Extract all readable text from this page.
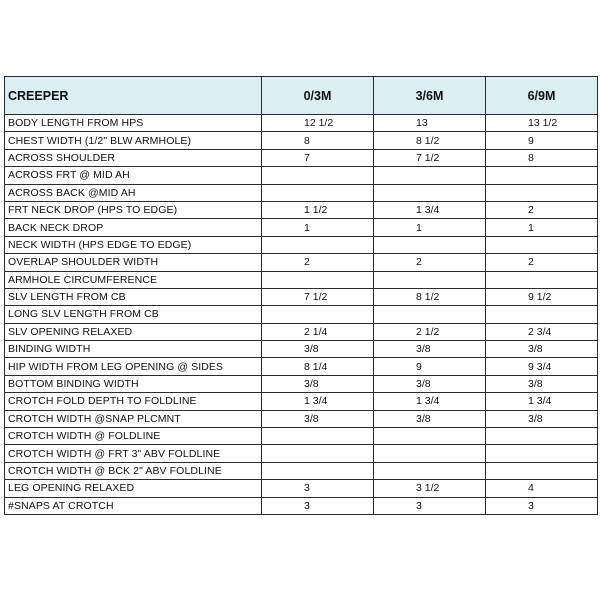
CREEPER	0/3M	3/6M	6/9M
BODY LENGTH FROM HPS	12 1/2	13	13 1/2
CHEST WIDTH (1/2" BLW ARMHOLE)	8	8 1/2	9
ACROSS SHOULDER	7	7 1/2	8
ACROSS FRT @ MID AH			
ACROSS BACK @MID AH			
FRT NECK DROP (HPS TO EDGE)	1 1/2	1 3/4	2
BACK NECK DROP	1	1	1
NECK WIDTH (HPS EDGE TO EDGE)			
OVERLAP SHOULDER WIDTH	2	2	2
ARMHOLE CIRCUMFERENCE			
SLV LENGTH FROM CB	7 1/2	8 1/2	9 1/2
LONG SLV LENGTH FROM CB			
SLV OPENING RELAXED	2 1/4	2 1/2	2 3/4
BINDING WIDTH	3/8	3/8	3/8
HIP WIDTH FROM LEG OPENING @ SIDES	8 1/4	9	9 3/4
BOTTOM BINDING WIDTH	3/8	3/8	3/8
CROTCH FOLD DEPTH TO FOLDLINE	1 3/4	1 3/4	1 3/4
CROTCH WIDTH @SNAP PLCMNT	3/8	3/8	3/8
CROTCH WIDTH @ FOLDLINE			
CROTCH WIDTH @ FRT 3" ABV FOLDLINE			
CROTCH WIDTH @ BCK 2" ABV FOLDLINE			
LEG OPENING RELAXED	3	3 1/2	4
#SNAPS AT CROTCH	3	3	3
